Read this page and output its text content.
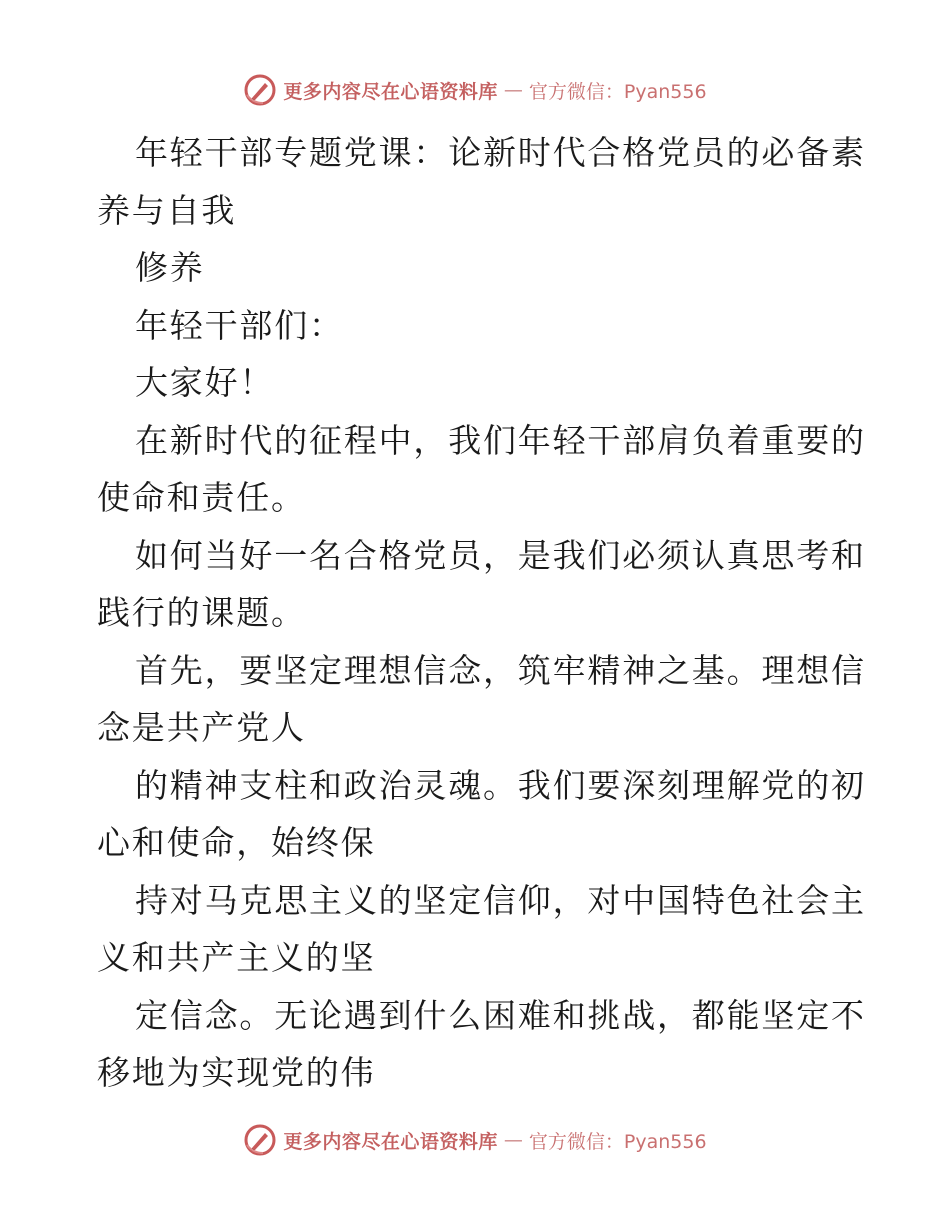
更多内容尽在心语资料库 — 官方微信：Pyan556
年轻干部专题党课：论新时代合格党员的必备素
养与自我
修养
年轻干部们：
大家好！
在新时代的征程中，我们年轻干部肩负着重要的
使命和责任。
如何当好一名合格党员，是我们必须认真思考和
践行的课题。
首先，要坚定理想信念，筑牢精神之基。理想信
念是共产党人
的精神支柱和政治灵魂。我们要深刻理解党的初
心和使命，始终保
持对马克思主义的坚定信仰，对中国特色社会主
义和共产主义的坚
定信念。无论遇到什么困难和挑战，都能坚定不
移地为实现党的伟
更多内容尽在心语资料库 — 官方微信：Pyan556
